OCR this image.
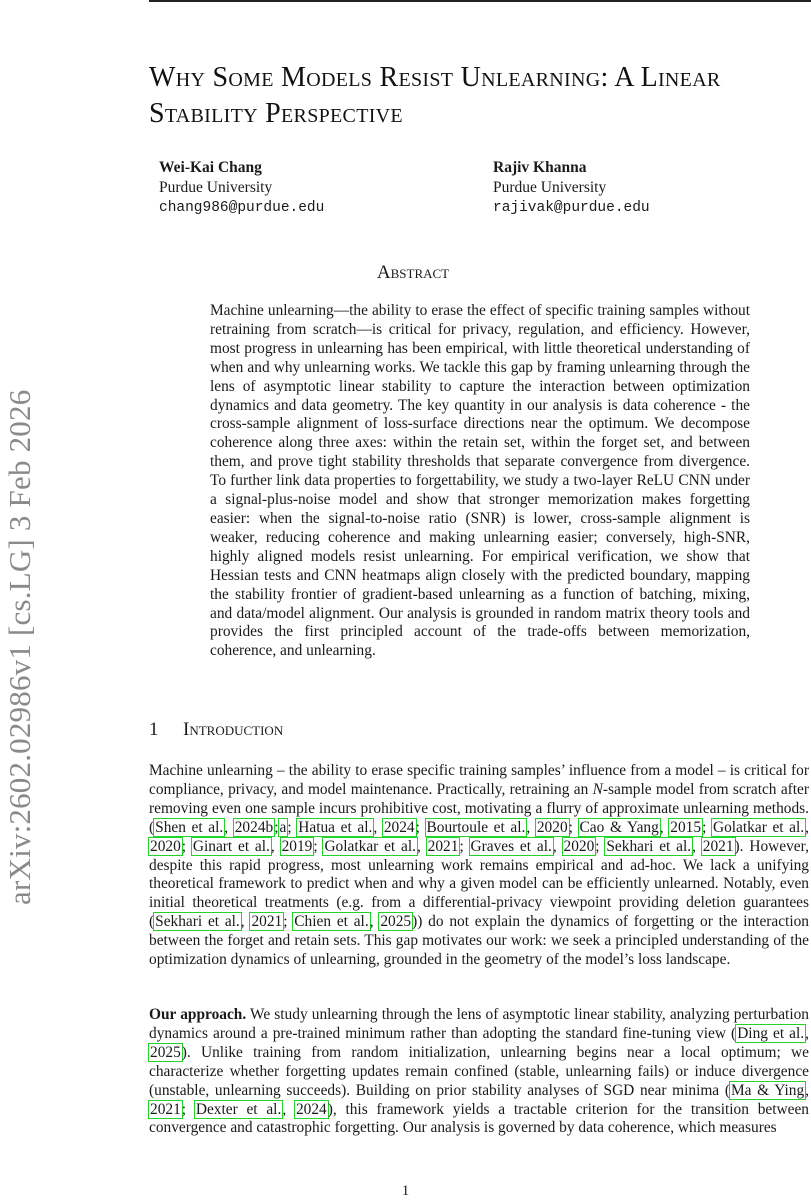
arXiv:2602.02986v1 [cs.LG] 3 Feb 2026
Why Some Models Resist Unlearning: A Linear Stability Perspective
Wei-Kai Chang
Purdue University
chang986@purdue.edu
Rajiv Khanna
Purdue University
rajivak@purdue.edu
Abstract
Machine unlearning—the ability to erase the effect of specific training samples without retraining from scratch—is critical for privacy, regulation, and efficiency. However, most progress in unlearning has been empirical, with little theoretical understanding of when and why unlearning works. We tackle this gap by framing unlearning through the lens of asymptotic linear stability to capture the interaction between optimization dynamics and data geometry. The key quantity in our analysis is data coherence - the cross-sample alignment of loss-surface directions near the optimum. We decompose coherence along three axes: within the retain set, within the forget set, and between them, and prove tight stability thresholds that separate convergence from divergence. To further link data properties to forgettability, we study a two-layer ReLU CNN under a signal-plus-noise model and show that stronger memorization makes forgetting easier: when the signal-to-noise ratio (SNR) is lower, cross-sample alignment is weaker, reducing coherence and making unlearning easier; conversely, high-SNR, highly aligned models resist unlearning. For empirical verification, we show that Hessian tests and CNN heatmaps align closely with the predicted boundary, mapping the stability frontier of gradient-based unlearning as a function of batching, mixing, and data/model alignment. Our analysis is grounded in random matrix theory tools and provides the first principled account of the trade-offs between memorization, coherence, and unlearning.
1 Introduction
Machine unlearning – the ability to erase specific training samples’ influence from a model – is critical for compliance, privacy, and model maintenance. Practically, retraining an N-sample model from scratch after removing even one sample incurs prohibitive cost, motivating a flurry of approximate unlearning methods. (Shen et al., 2024b;a; Hatua et al., 2024; Bourtoule et al., 2020; Cao & Yang, 2015; Golatkar et al., 2020; Ginart et al., 2019; Golatkar et al., 2021; Graves et al., 2020; Sekhari et al., 2021). However, despite this rapid progress, most unlearning work remains empirical and ad-hoc. We lack a unifying theoretical framework to predict when and why a given model can be efficiently unlearned. Notably, even initial theoretical treatments (e.g. from a differential-privacy viewpoint providing deletion guarantees (Sekhari et al., 2021; Chien et al., 2025)) do not explain the dynamics of forgetting or the interaction between the forget and retain sets. This gap motivates our work: we seek a principled understanding of the optimization dynamics of unlearning, grounded in the geometry of the model’s loss landscape.
Our approach. We study unlearning through the lens of asymptotic linear stability, analyzing perturbation dynamics around a pre-trained minimum rather than adopting the standard fine-tuning view (Ding et al., 2025). Unlike training from random initialization, unlearning begins near a local optimum; we characterize whether forgetting updates remain confined (stable, unlearning fails) or induce divergence (unstable, unlearning succeeds). Building on prior stability analyses of SGD near minima (Ma & Ying, 2021; Dexter et al., 2024), this framework yields a tractable criterion for the transition between convergence and catastrophic forgetting. Our analysis is governed by data coherence, which measures
1
